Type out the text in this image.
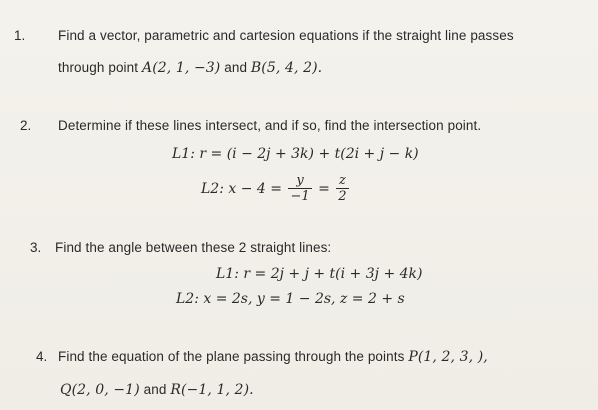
1. Find a vector, parametric and cartesion equations if the straight line passes
through point A(2, 1, −3) and B(5, 4, 2).
2. Determine if these lines intersect, and if so, find the intersection point.
L1: r = (i − 2j + 3k) + t(2i + j − k)
L2: $x - 4 = \frac{y}{-1} = \frac{z}{2}$
3. Find the angle between these 2 straight lines:
L1: r = 2j + j + t(i + 3j + 4k)
L2: x = 2s, y = 1 − 2s, z = 2 + s
4. Find the equation of the plane passing through the points P(1, 2, 3, ),
Q(2, 0, −1) and R(−1, 1, 2).
